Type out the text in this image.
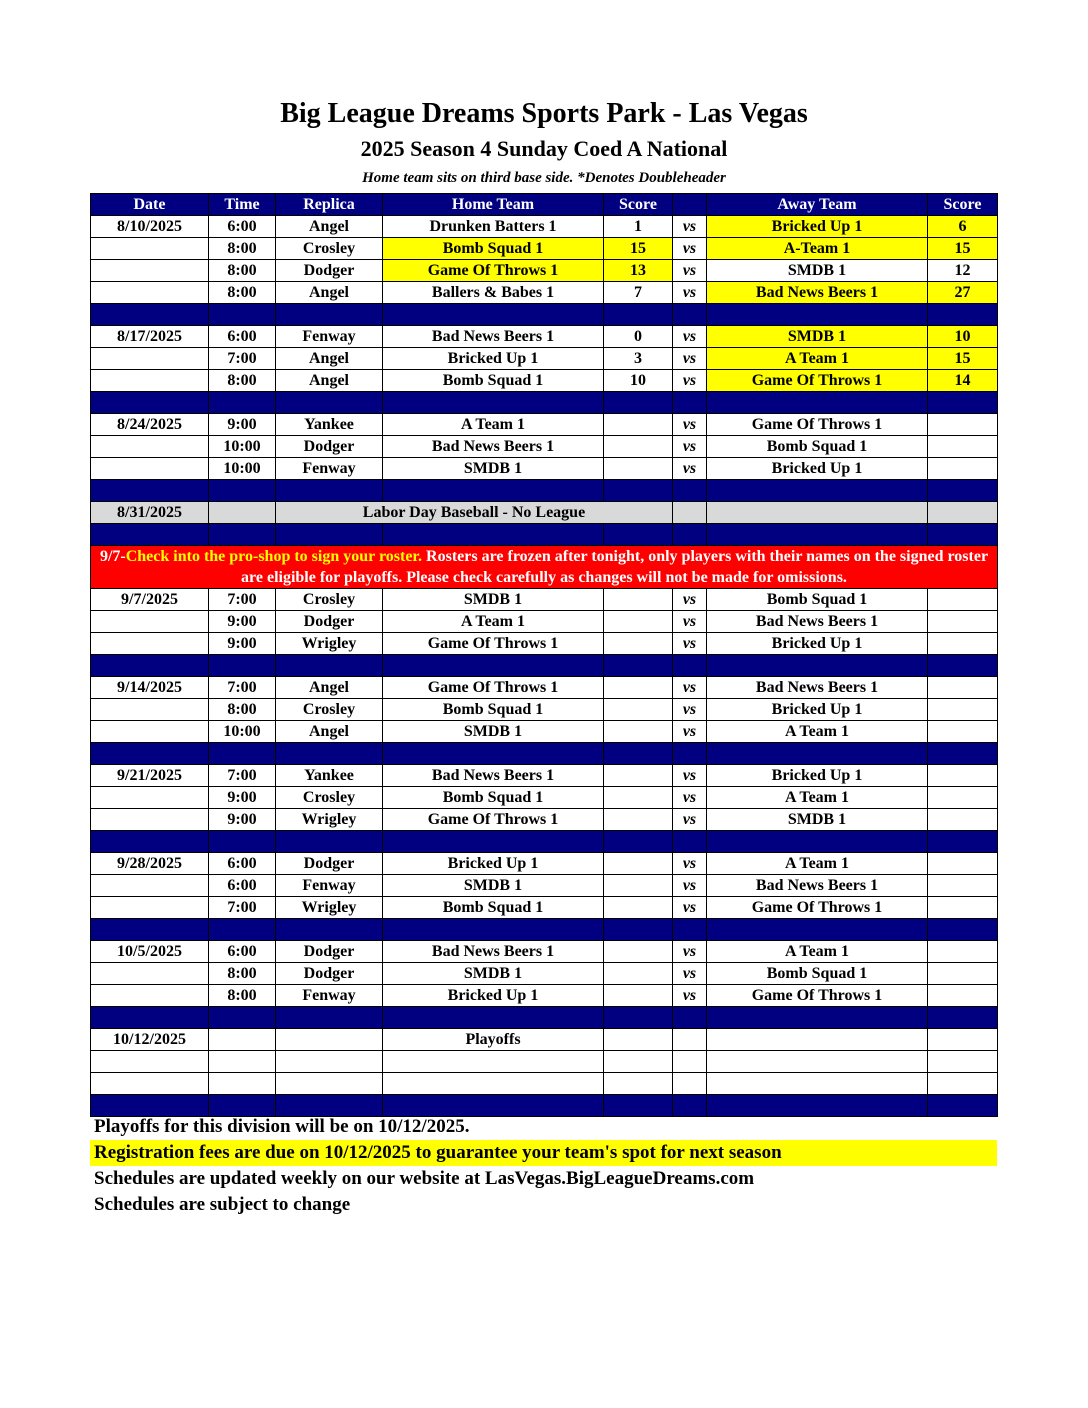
Big League Dreams Sports Park - Las Vegas
2025 Season 4 Sunday Coed A National
Home team sits on third base side. *Denotes Doubleheader
Date	Time	Replica	Home Team	Score		Away Team	Score
8/10/2025	6:00	Angel	Drunken Batters 1	1	vs	Bricked Up 1	6
	8:00	Crosley	Bomb Squad 1	15	vs	A-Team 1	15
	8:00	Dodger	Game Of Throws 1	13	vs	SMDB 1	12
	8:00	Angel	Ballers & Babes 1	7	vs	Bad News Beers 1	27

8/17/2025	6:00	Fenway	Bad News Beers 1	0	vs	SMDB 1	10
	7:00	Angel	Bricked Up 1	3	vs	A Team 1	15
	8:00	Angel	Bomb Squad 1	10	vs	Game Of Throws 1	14

8/24/2025	9:00	Yankee	A Team 1		vs	Game Of Throws 1	
	10:00	Dodger	Bad News Beers 1		vs	Bomb Squad 1	
	10:00	Fenway	SMDB 1		vs	Bricked Up 1	

8/31/2025		Labor Day Baseball - No League					

9/7-Check into the pro-shop to sign your roster. Rosters are frozen after tonight, only players with their names on the signed roster are eligible for playoffs. Please check carefully as changes will not be made for omissions.							
9/7/2025	7:00	Crosley	SMDB 1		vs	Bomb Squad 1	
	9:00	Dodger	A Team 1		vs	Bad News Beers 1	
	9:00	Wrigley	Game Of Throws 1		vs	Bricked Up 1	

9/14/2025	7:00	Angel	Game Of Throws 1		vs	Bad News Beers 1	
	8:00	Crosley	Bomb Squad 1		vs	Bricked Up 1	
	10:00	Angel	SMDB 1		vs	A Team 1	

9/21/2025	7:00	Yankee	Bad News Beers 1		vs	Bricked Up 1	
	9:00	Crosley	Bomb Squad 1		vs	A Team 1	
	9:00	Wrigley	Game Of Throws 1		vs	SMDB 1	

9/28/2025	6:00	Dodger	Bricked Up 1		vs	A Team 1	
	6:00	Fenway	SMDB 1		vs	Bad News Beers 1	
	7:00	Wrigley	Bomb Squad 1		vs	Game Of Throws 1	

10/5/2025	6:00	Dodger	Bad News Beers 1		vs	A Team 1	
	8:00	Dodger	SMDB 1		vs	Bomb Squad 1	
	8:00	Fenway	Bricked Up 1		vs	Game Of Throws 1	

10/12/2025			Playoffs				

Playoffs for this division will be on 10/12/2025.
Registration fees are due on 10/12/2025 to guarantee your team's spot for next season
Schedules are updated weekly on our website at LasVegas.BigLeagueDreams.com
Schedules are subject to change
